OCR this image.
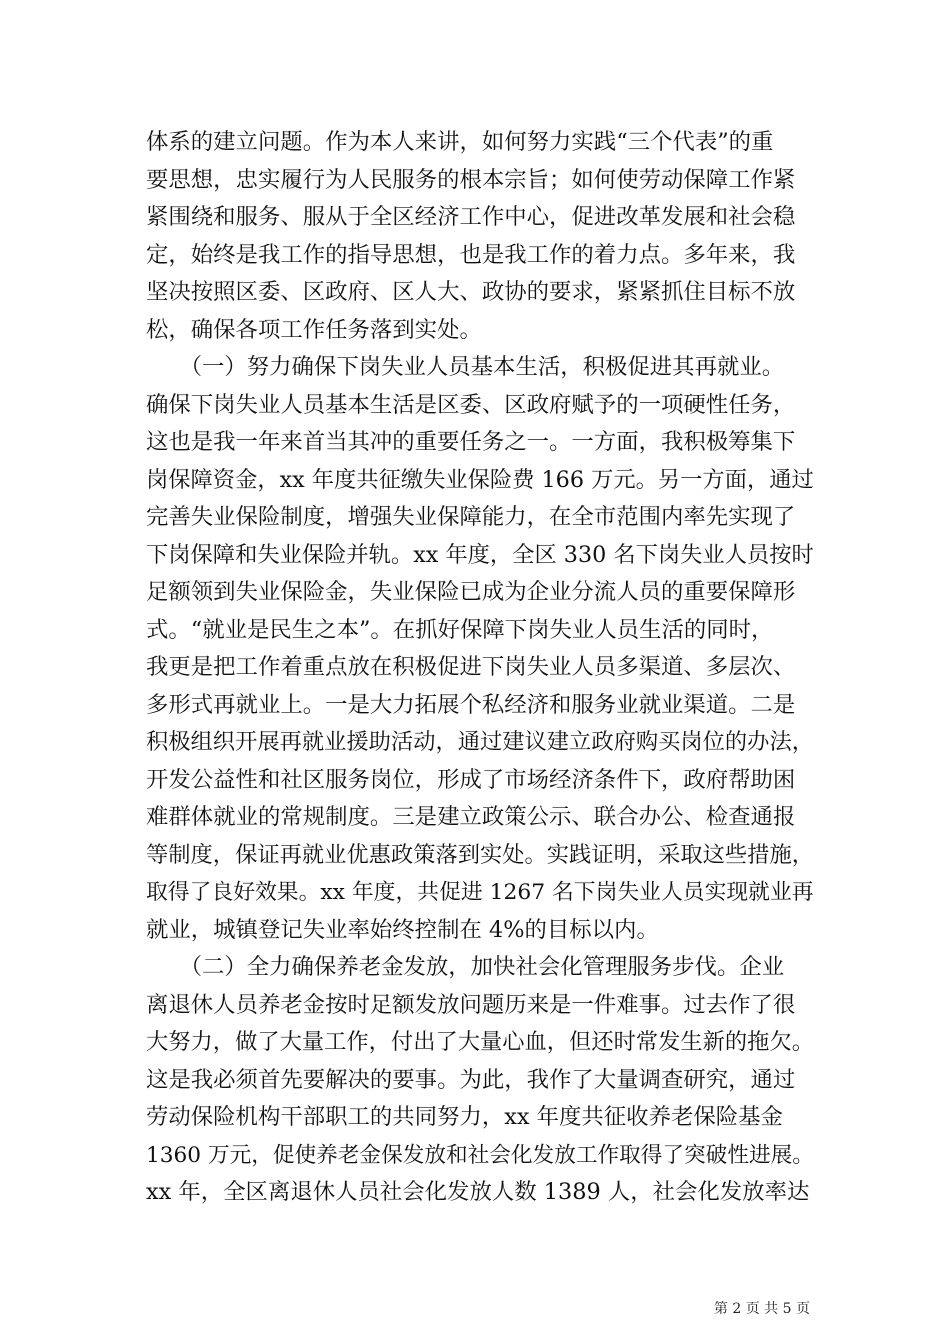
体系的建立问题。作为本人来讲，如何努力实践“三个代表”的重
要思想，忠实履行为人民服务的根本宗旨；如何使劳动保障工作紧
紧围绕和服务、服从于全区经济工作中心，促进改革发展和社会稳
定，始终是我工作的指导思想，也是我工作的着力点。多年来，我
坚决按照区委、区政府、区人大、政协的要求，紧紧抓住目标不放
松，确保各项工作任务落到实处。
　　（一）努力确保下岗失业人员基本生活，积极促进其再就业。
确保下岗失业人员基本生活是区委、区政府赋予的一项硬性任务，
这也是我一年来首当其冲的重要任务之一。一方面，我积极筹集下
岗保障资金，xx 年度共征缴失业保险费 166 万元。另一方面，通过
完善失业保险制度，增强失业保障能力，在全市范围内率先实现了
下岗保障和失业保险并轨。xx 年度，全区 330 名下岗失业人员按时
足额领到失业保险金，失业保险已成为企业分流人员的重要保障形
式。“就业是民生之本”。在抓好保障下岗失业人员生活的同时，
我更是把工作着重点放在积极促进下岗失业人员多渠道、多层次、
多形式再就业上。一是大力拓展个私经济和服务业就业渠道。二是
积极组织开展再就业援助活动，通过建议建立政府购买岗位的办法，
开发公益性和社区服务岗位，形成了市场经济条件下，政府帮助困
难群体就业的常规制度。三是建立政策公示、联合办公、检查通报
等制度，保证再就业优惠政策落到实处。实践证明，采取这些措施，
取得了良好效果。xx 年度，共促进 1267 名下岗失业人员实现就业再
就业，城镇登记失业率始终控制在 4%的目标以内。
　　（二）全力确保养老金发放，加快社会化管理服务步伐。企业
离退休人员养老金按时足额发放问题历来是一件难事。过去作了很
大努力，做了大量工作，付出了大量心血，但还时常发生新的拖欠。
这是我必须首先要解决的要事。为此，我作了大量调查研究，通过
劳动保险机构干部职工的共同努力，xx 年度共征收养老保险基金
1360 万元，促使养老金保发放和社会化发放工作取得了突破性进展。
xx 年，全区离退休人员社会化发放人数 1389 人，社会化发放率达
第 2 页 共 5 页
